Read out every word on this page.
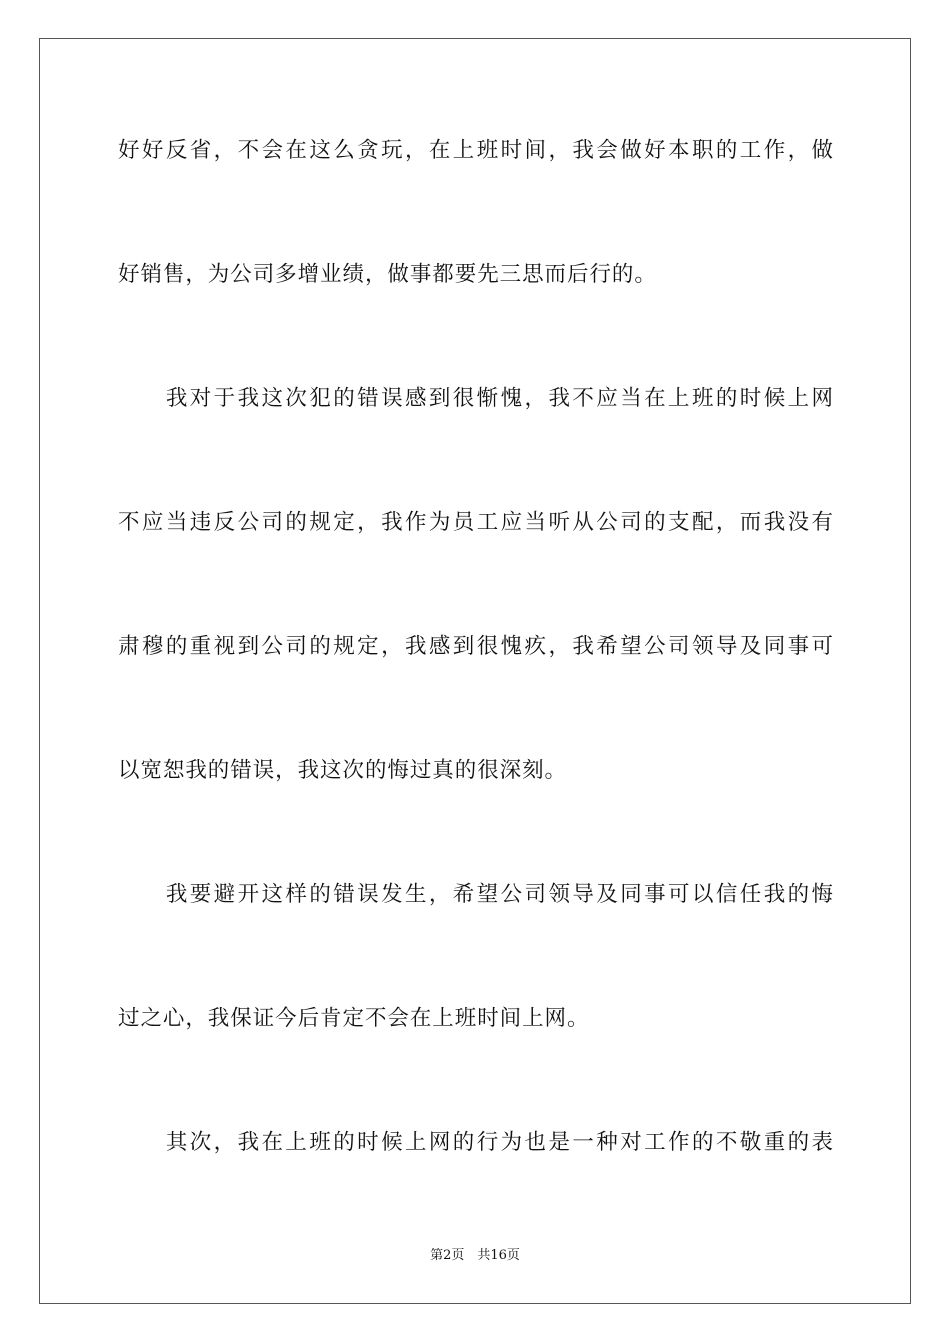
好好反省，不会在这么贪玩，在上班时间，我会做好本职的工作，做
好销售，为公司多增业绩，做事都要先三思而后行的。
　　我对于我这次犯的错误感到很惭愧，我不应当在上班的时候上网
不应当违反公司的规定，我作为员工应当听从公司的支配，而我没有
肃穆的重视到公司的规定，我感到很愧疚，我希望公司领导及同事可
以宽恕我的错误，我这次的悔过真的很深刻。
　　我要避开这样的错误发生，希望公司领导及同事可以信任我的悔
过之心，我保证今后肯定不会在上班时间上网。
　　其次，我在上班的时候上网的行为也是一种对工作的不敬重的表
第2页　共16页
